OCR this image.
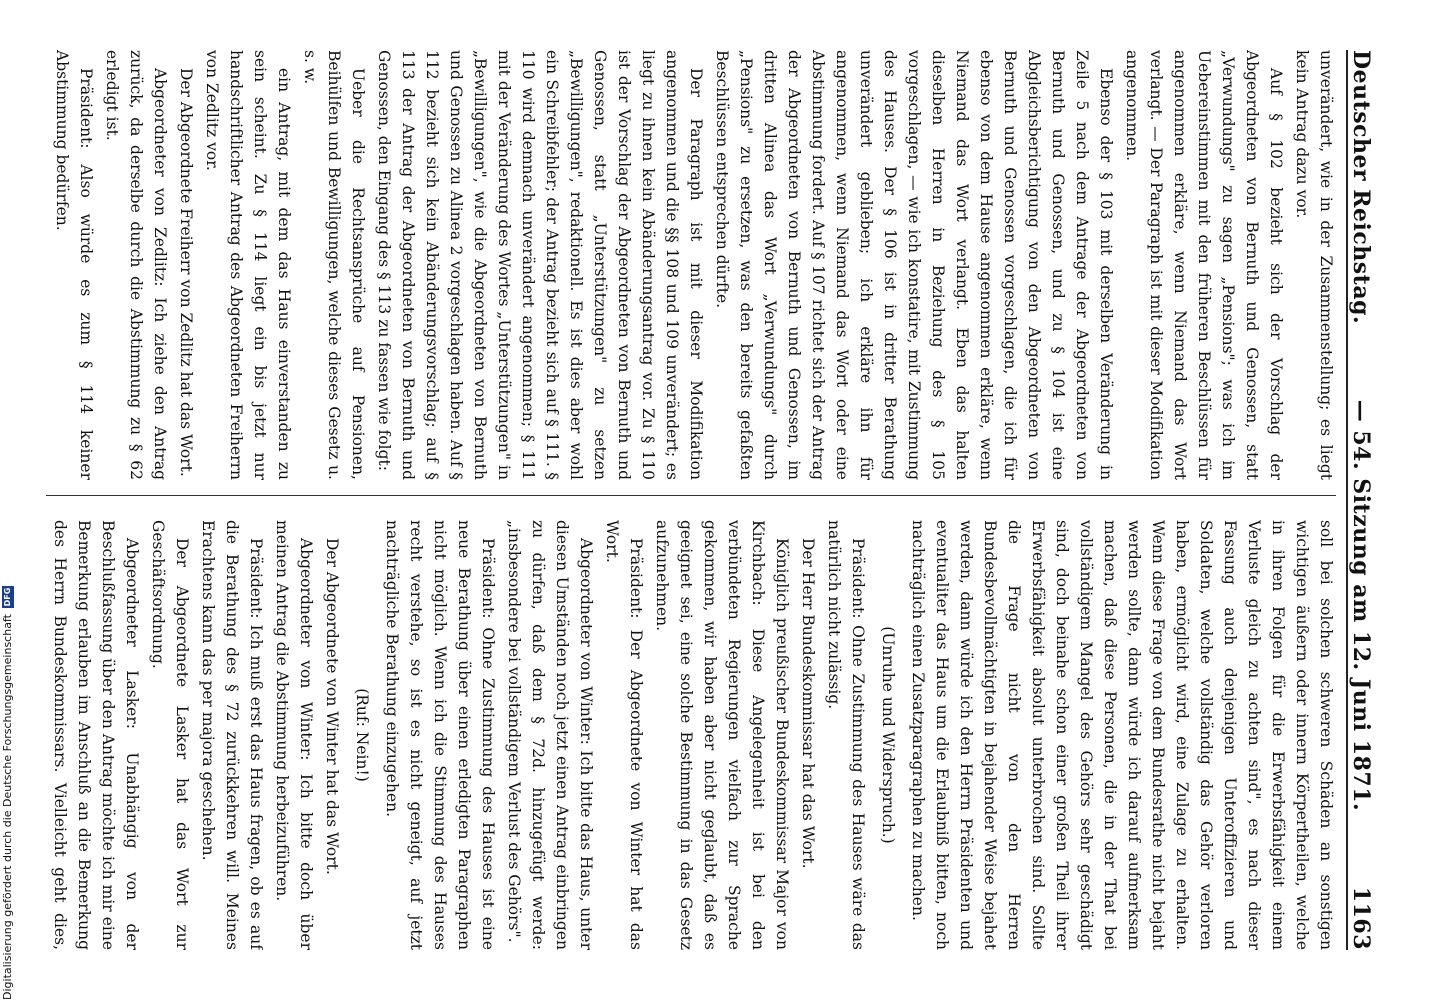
Digitalisierung gefördert durch die Deutsche Forschungsgemeinschaft
DFG
Deutscher Reichstag.
— 54. Sitzung am 12. Juni 1871.
1163

unverändert, wie in der Zusammenstellung; es liegt kein Antrag dazu vor.

Auf § 102 bezieht sich der Vorschlag der Abgeordneten von Bernuth und Genossen, statt „Verwundungs" zu sagen „Pensions"; was ich im Uebereinstimmen mit den früheren Beschlüssen für angenommen erkläre, wenn Niemand das Wort verlangt. — Der Paragraph ist mit dieser Modifikation angenommen.

Ebenso der § 103 mit derselben Veränderung in Zeile 5 nach dem Antrage der Abgeordneten von Bernuth und Genossen, und zu § 104 ist eine Abgleichsberichtigung von den Abgeordneten von Bernuth und Genossen vorgeschlagen, die ich für ebenso von dem Hause angenommen erkläre, wenn Niemand das Wort verlangt. Eben das halten dieselben Herren in Beziehung des § 105 vorgeschlagen, — wie ich konstatire, mit Zustimmung des Hauses. Der § 106 ist in dritter Berathung unverändert geblieben; ich erkläre ihn für angenommen, wenn Niemand das Wort oder eine Abstimmung fordert. Auf § 107 richtet sich der Antrag der Abgeordneten von Bernuth und Genossen, im dritten Alinea das Wort „Verwundungs" durch „Pensions" zu ersetzen, was den bereits gefaßten Beschlüssen entsprechen dürfte.

Der Paragraph ist mit dieser Modifikation angenommen und die §§ 108 und 109 unverändert; es liegt zu ihnen kein Abänderungsantrag vor. Zu § 110 ist der Vorschlag der Abgeordneten von Bernuth und Genossen, statt „Unterstützungen" zu setzen „Bewilligungen", redaktionell. Es ist dies aber wohl ein Schreibfehler; der Antrag bezieht sich auf § 111. § 110 wird demnach unverändert angenommen; § 111 mit der Veränderung des Wortes „Unterstützungen" in „Bewilligungen", wie die Abgeordneten von Bernuth und Genossen zu Alinea 2 vorgeschlagen haben. Auf § 112 bezieht sich kein Abänderungsvorschlag; auf § 113 der Antrag der Abgeordneten von Bernuth und Genossen, den Eingang des § 113 zu fassen wie folgt:

Ueber die Rechtsansprüche auf Pensionen, Beihülfen und Bewilligungen, welche dieses Gesetz u. s. w.

ein Antrag, mit dem das Haus einverstanden zu sein scheint. Zu § 114 liegt ein bis jetzt nur handschriftlicher Antrag des Abgeordneten Freiherrn von Zedlitz vor.

Der Abgeordnete Freiherr von Zedlitz hat das Wort.

Abgeordneter von Zedlitz: Ich ziehe den Antrag zurück, da derselbe durch die Abstimmung zu § 62 erledigt ist.

Präsident: Also würde es zum § 114 keiner Abstimmung bedürfen.

soll bei solchen schweren Schäden an sonstigen wichtigen äußern oder innern Körpertheilen, welche in ihren Folgen für die Erwerbsfähigkeit einem Verluste gleich zu achten sind", es nach dieser Fassung auch denjenigen Unteroffizieren und Soldaten, welche vollständig das Gehör verloren haben, ermöglicht wird, eine Zulage zu erhalten. Wenn diese Frage von dem Bundesrathe nicht bejaht werden sollte, dann würde ich darauf aufmerksam machen, daß diese Personen, die in der That bei vollständigem Mangel des Gehörs sehr geschädigt sind, doch beinahe schon einer großen Theil ihrer Erwerbsfähigkeit absolut unterbrochen sind. Sollte die Frage nicht von den Herren Bundesbevollmächtigten in bejahender Weise bejahet werden, dann würde ich den Herrn Präsidenten und eventualiter das Haus um die Erlaubniß bitten, noch nachträglich einen Zusatzparagraphen zu machen.

(Unruhe und Widerspruch.)

Präsident: Ohne Zustimmung des Hauses wäre das natürlich nicht zulässig.

Der Herr Bundeskommissar hat das Wort.

Königlich preußischer Bundeskommissar Major von Kirchbach: Diese Angelegenheit ist bei den verbündeten Regierungen vielfach zur Sprache gekommen, wir haben aber nicht geglaubt, daß es geeignet sei, eine solche Bestimmung in das Gesetz aufzunehmen.

Präsident: Der Abgeordnete von Winter hat das Wort.

Abgeordneter von Winter: Ich bitte das Haus, unter diesen Umständen noch jetzt einen Antrag einbringen zu dürfen, daß dem § 72d. hinzugefügt werde: „insbesondere bei vollständigem Verlust des Gehörs".

Präsident: Ohne Zustimmung des Hauses ist eine neue Berathung über einen erledigten Paragraphen nicht möglich. Wenn ich die Stimmung des Hauses recht verstehe, so ist es nicht geneigt, auf jetzt nachträgliche Berathung einzugehen.

(Ruf: Nein!)

Der Abgeordnete von Winter hat das Wort.

Abgeordneter von Winter: Ich bitte doch über meinen Antrag die Abstimmung herbeizuführen.

Präsident: Ich muß erst das Haus fragen, ob es auf die Berathung des § 72 zurückkehren will. Meines Erachtens kann das per majora geschehen.

Der Abgeordnete Lasker hat das Wort zur Geschäftsordnung.

Abgeordneter Lasker: Unabhängig von der Beschlußfassung über den Antrag möchte ich mir eine Bemerkung erlauben im Anschluß an die Bemerkung des Herrn Bundeskommissars. Vielleicht geht dies,
